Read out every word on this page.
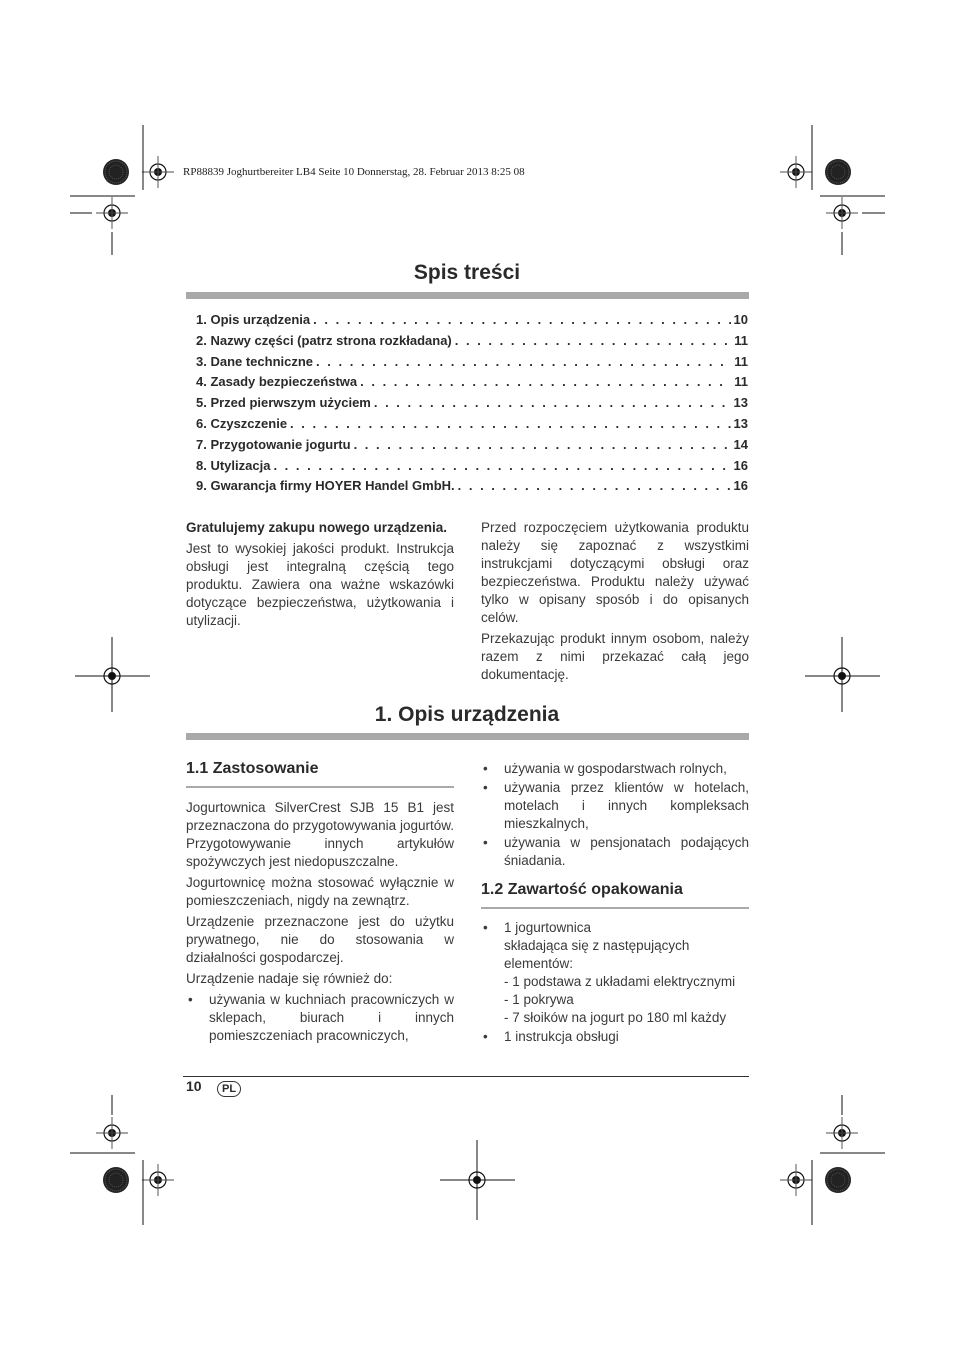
RP88839 Joghurtbereiter LB4 Seite 10 Donnerstag, 28. Februar 2013 8:25 08
Spis treści
1. Opis urządzenia . . .	10
2. Nazwy części (patrz strona rozkładana) . . .	11
3. Dane techniczne . . .	11
4. Zasady bezpieczeństwa . . .	11
5. Przed pierwszym użyciem . . .	13
6. Czyszczenie . . .	13
7. Przygotowanie jogurtu . . .	14
8. Utylizacja . . .	16
9. Gwarancja firmy HOYER Handel GmbH. . . .	16

Gratulujemy zakupu nowego urządzenia.

Jest to wysokiej jakości produkt. Instrukcja obsługi jest integralną częścią tego produktu. Zawiera ona ważne wskazówki dotyczące bezpieczeństwa, użytkowania i utylizacji.

Przed rozpoczęciem użytkowania produktu należy się zapoznać z wszystkimi instrukcjami dotyczącymi obsługi oraz bezpieczeństwa. Produktu należy używać tylko w opisany sposób i do opisanych celów.

Przekazując produkt innym osobom, należy razem z nimi przekazać całą jego dokumentację.

1. Opis urządzenia
1.1 Zastosowanie

Jogurtownica SilverCrest SJB 15 B1 jest przeznaczona do przygotowywania jogurtów. Przygotowywanie innych artykułów spożywczych jest niedopuszczalne.

Jogurtownicę można stosować wyłącznie w pomieszczeniach, nigdy na zewnątrz.

Urządzenie przeznaczone jest do użytku prywatnego, nie do stosowania w działalności gospodarczej.

Urządzenie nadaje się również do:

• używania w kuchniach pracowniczych w sklepach, biurach i innych pomieszczeniach pracowniczych,
• używania w gospodarstwach rolnych,
• używania przez klientów w hotelach, motelach i innych kompleksach mieszkalnych,
• używania w pensjonatach podających śniadania.
1.2 Zawartość opakowania
• 1 jogurtownica
składająca się z następujących elementów:
- 1 podstawa z układami elektrycznymi
- 1 pokrywa
- 7 słoików na jogurt po 180 ml każdy
• 1 instrukcja obsługi
10	PL
